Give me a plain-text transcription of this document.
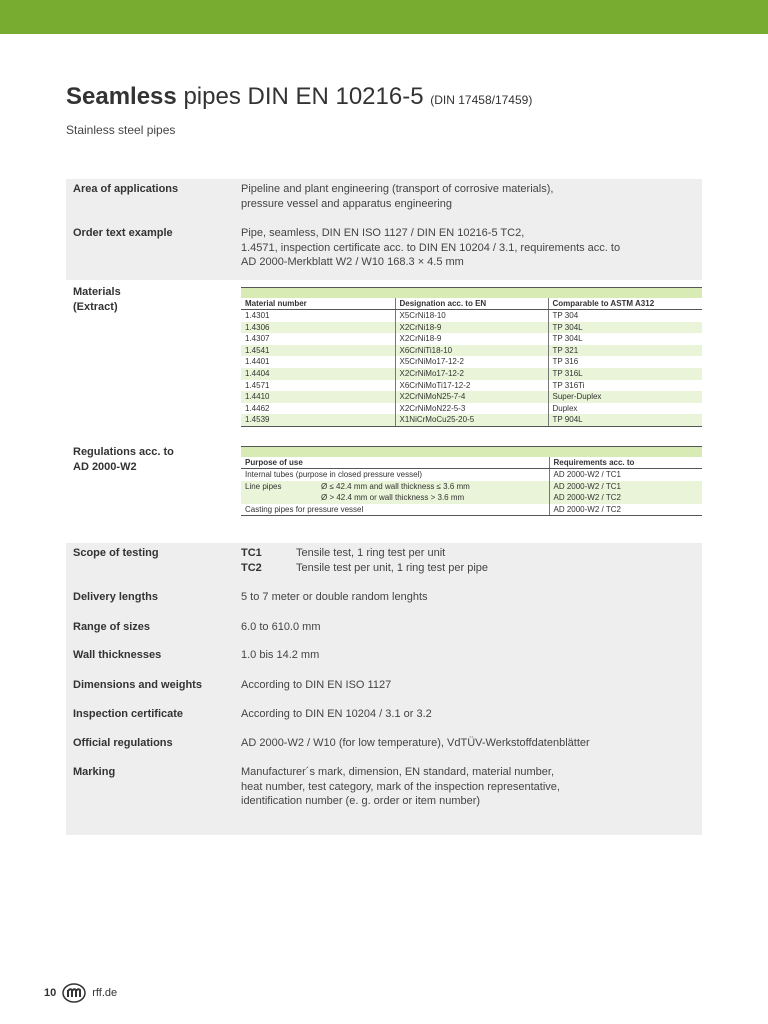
Seamless pipes DIN EN 10216-5 (DIN 17458/17459)
Stainless steel pipes
Area of applications	Pipeline and plant engineering (transport of corrosive materials),
pressure vessel and apparatus engineering
Order text example	Pipe, seamless, DIN EN ISO 1127 / DIN EN 10216-5 TC2,
1.4571, inspection certificate acc. to DIN EN 10204 / 3.1, requirements acc. to
AD 2000-Merkblatt W2 / W10 168.3 × 4.5 mm
Materials
(Extract)	Material number	Designation acc. to EN	Comparable to ASTM A312
1.4301	X5CrNi18-10	TP 304
1.4306	X2CrNi18-9	TP 304L
1.4307	X2CrNi18-9	TP 304L
1.4541	X6CrNiTi18-10	TP 321
1.4401	X5CrNiMo17-12-2	TP 316
1.4404	X2CrNiMo17-12-2	TP 316L
1.4571	X6CrNiMoTi17-12-2	TP 316Ti
1.4410	X2CrNiMoN25-7-4	Super-Duplex
1.4462	X2CrNiMoN22-5-3	Duplex
1.4539	X1NiCrMoCu25-20-5	TP 904L
Regulations acc. to
AD 2000-W2	Purpose of use		Requirements acc. to
Internal tubes (purpose in closed pressure vessel)		AD 2000-W2 / TC1
Line pipes	Ø ≤ 42.4 mm and wall thickness ≤ 3.6 mm	AD 2000-W2 / TC1
	Ø > 42.4 mm or wall thickness > 3.6 mm	AD 2000-W2 / TC2
Casting pipes for pressure vessel		AD 2000-W2 / TC2
Scope of testing	TC1	Tensile test, 1 ring test per unit
TC2	Tensile test per unit, 1 ring test per pipe
Delivery lengths	5 to 7 meter or double random lenghts
Range of sizes	6.0 to 610.0 mm
Wall thicknesses	1.0 bis 14.2 mm
Dimensions and weights	According to DIN EN ISO 1127
Inspection certificate	According to DIN EN 10204 / 3.1 or 3.2
Official regulations	AD 2000-W2 / W10 (for low temperature), VdTÜV-Werkstoffdatenblätter
Marking	Manufacturer´s mark, dimension, EN standard, material number,
heat number, test category, mark of the inspection representative,
identification number (e. g. order or item number)
10	rff.de
